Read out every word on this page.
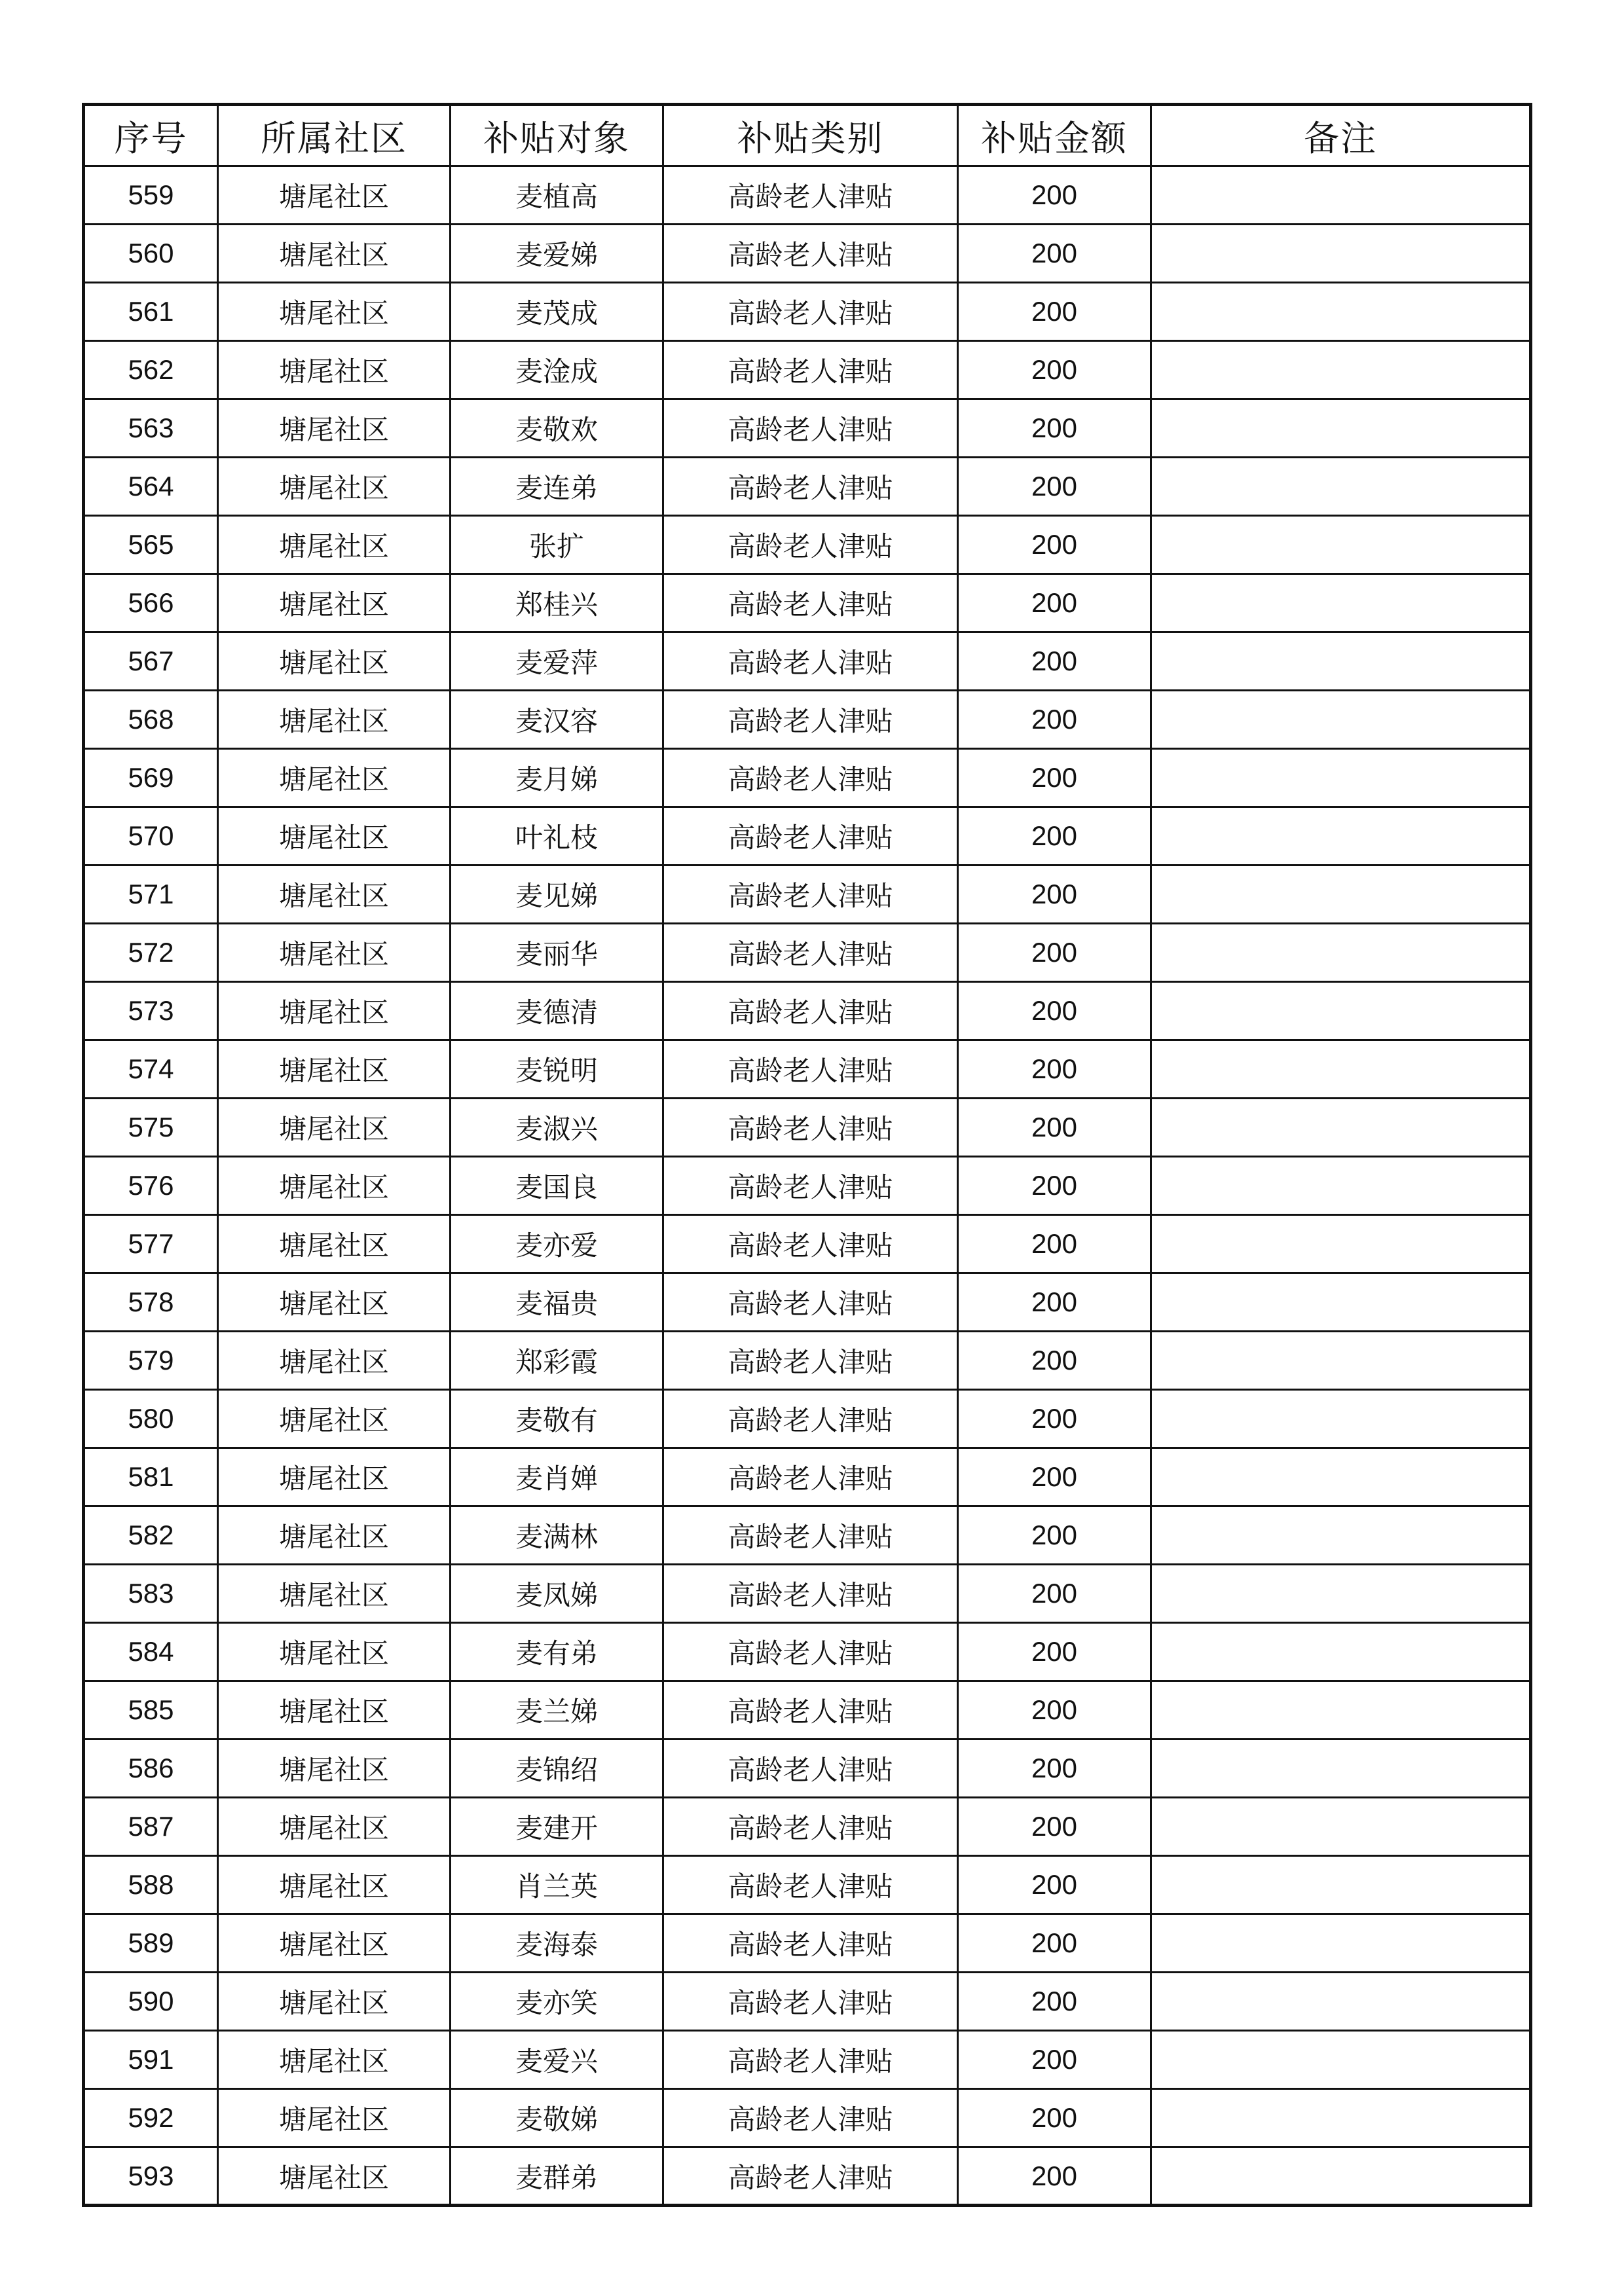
序号	所属社区	补贴对象	补贴类别	补贴金额	备注
559	塘尾社区	麦植高	高龄老人津贴	200	
560	塘尾社区	麦爱娣	高龄老人津贴	200	
561	塘尾社区	麦茂成	高龄老人津贴	200	
562	塘尾社区	麦淦成	高龄老人津贴	200	
563	塘尾社区	麦敬欢	高龄老人津贴	200	
564	塘尾社区	麦连弟	高龄老人津贴	200	
565	塘尾社区	张扩	高龄老人津贴	200	
566	塘尾社区	郑桂兴	高龄老人津贴	200	
567	塘尾社区	麦爱萍	高龄老人津贴	200	
568	塘尾社区	麦汉容	高龄老人津贴	200	
569	塘尾社区	麦月娣	高龄老人津贴	200	
570	塘尾社区	叶礼枝	高龄老人津贴	200	
571	塘尾社区	麦见娣	高龄老人津贴	200	
572	塘尾社区	麦丽华	高龄老人津贴	200	
573	塘尾社区	麦德清	高龄老人津贴	200	
574	塘尾社区	麦锐明	高龄老人津贴	200	
575	塘尾社区	麦淑兴	高龄老人津贴	200	
576	塘尾社区	麦国良	高龄老人津贴	200	
577	塘尾社区	麦亦爱	高龄老人津贴	200	
578	塘尾社区	麦福贵	高龄老人津贴	200	
579	塘尾社区	郑彩霞	高龄老人津贴	200	
580	塘尾社区	麦敬有	高龄老人津贴	200	
581	塘尾社区	麦肖婵	高龄老人津贴	200	
582	塘尾社区	麦满林	高龄老人津贴	200	
583	塘尾社区	麦凤娣	高龄老人津贴	200	
584	塘尾社区	麦有弟	高龄老人津贴	200	
585	塘尾社区	麦兰娣	高龄老人津贴	200	
586	塘尾社区	麦锦绍	高龄老人津贴	200	
587	塘尾社区	麦建开	高龄老人津贴	200	
588	塘尾社区	肖兰英	高龄老人津贴	200	
589	塘尾社区	麦海泰	高龄老人津贴	200	
590	塘尾社区	麦亦笑	高龄老人津贴	200	
591	塘尾社区	麦爱兴	高龄老人津贴	200	
592	塘尾社区	麦敬娣	高龄老人津贴	200	
593	塘尾社区	麦群弟	高龄老人津贴	200	
